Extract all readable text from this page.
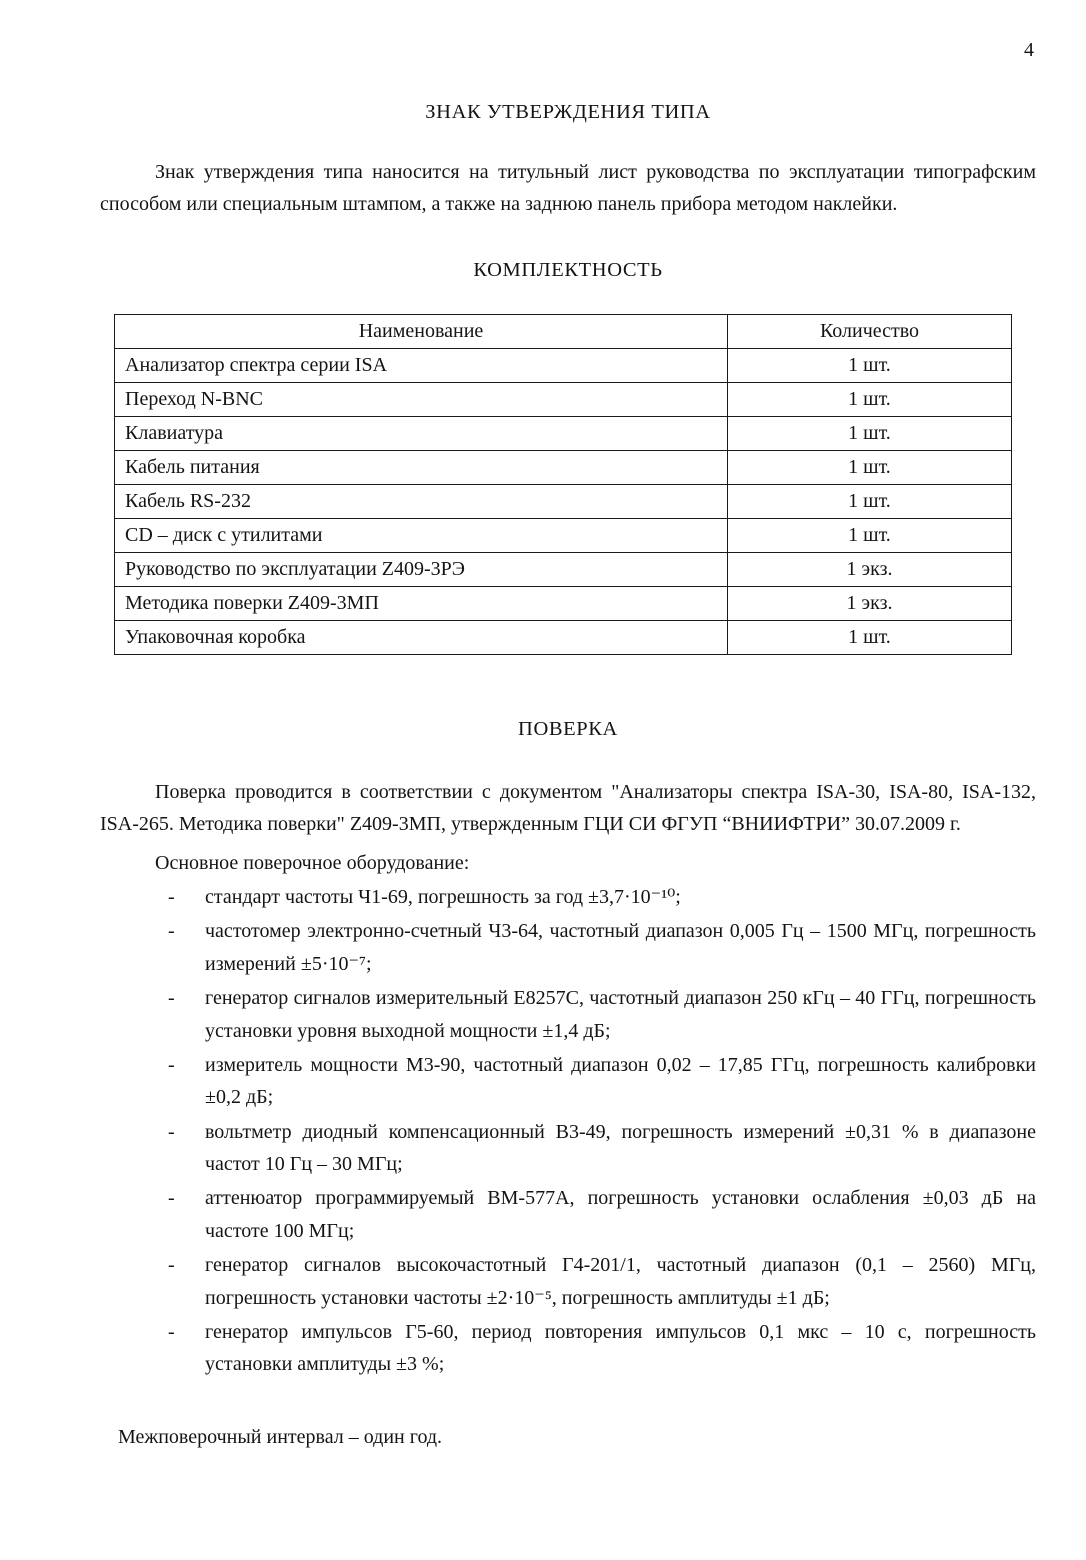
4
ЗНАК УТВЕРЖДЕНИЯ ТИПА

Знак утверждения типа наносится на титульный лист руководства по эксплуатации типографским способом или специальным штампом, а также на заднюю панель прибора методом наклейки.

КОМПЛЕКТНОСТЬ
Наименование	Количество
Анализатор спектра серии ISA	1 шт.
Переход N-BNC	1 шт.
Клавиатура	1 шт.
Кабель питания	1 шт.
Кабель RS-232	1 шт.
CD – диск с утилитами	1 шт.
Руководство по эксплуатации Z409-3РЭ	1 экз.
Методика поверки Z409-3МП	1 экз.
Упаковочная коробка	1 шт.
ПОВЕРКА

Поверка проводится в соответствии с документом "Анализаторы спектра ISA-30, ISA-80, ISA-132, ISA-265. Методика поверки" Z409-3МП, утвержденным ГЦИ СИ ФГУП “ВНИИФТРИ” 30.07.2009 г.

Основное поверочное оборудование:
- стандарт частоты Ч1-69, погрешность за год ±3,7·10⁻¹⁰;
- частотомер электронно-счетный Ч3-64, частотный диапазон 0,005 Гц – 1500 МГц, погрешность измерений ±5·10⁻⁷;
- генератор сигналов измерительный E8257C, частотный диапазон 250 кГц – 40 ГГц, погрешность установки уровня выходной мощности ±1,4 дБ;
- измеритель мощности М3-90, частотный диапазон 0,02 – 17,85 ГГц, погрешность калибровки ±0,2 дБ;
- вольтметр диодный компенсационный В3-49, погрешность измерений ±0,31 % в диапазоне частот 10 Гц – 30 МГц;
- аттенюатор программируемый ВМ-577А, погрешность установки ослабления ±0,03 дБ на частоте 100 МГц;
- генератор сигналов высокочастотный Г4-201/1, частотный диапазон (0,1 – 2560) МГц, погрешность установки частоты ±2·10⁻⁵, погрешность амплитуды ±1 дБ;
- генератор импульсов Г5-60, период повторения импульсов 0,1 мкс – 10 с, погрешность установки амплитуды ±3 %;
Межповерочный интервал – один год.
